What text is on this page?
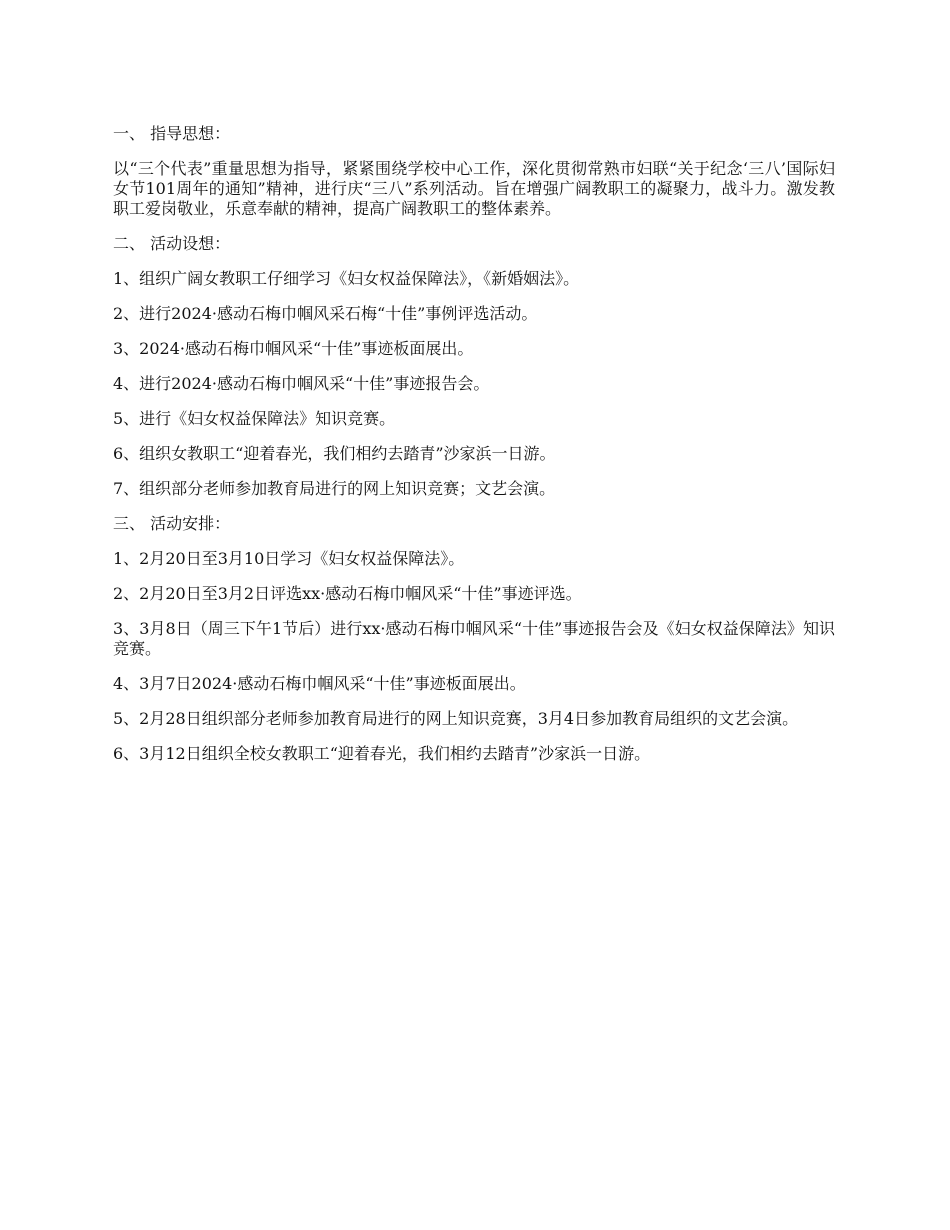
一、 指导思想：

以“三个代表”重量思想为指导，紧紧围绕学校中心工作，深化贯彻常熟市妇联“关于纪念‘三八’国际妇女节101周年的通知”精神，进行庆“三八”系列活动。旨在增强广阔教职工的凝聚力，战斗力。激发教职工爱岗敬业，乐意奉献的精神，提高广阔教职工的整体素养。

二、 活动设想：

1、组织广阔女教职工仔细学习《妇女权益保障法》，《新婚姻法》。

2、进行2024·感动石梅巾帼风采石梅“十佳”事例评选活动。

3、2024·感动石梅巾帼风采“十佳”事迹板面展出。

4、进行2024·感动石梅巾帼风采“十佳”事迹报告会。

5、进行《妇女权益保障法》知识竞赛。

6、组织女教职工“迎着春光，我们相约去踏青”沙家浜一日游。

7、组织部分老师参加教育局进行的网上知识竞赛；文艺会演。

三、 活动安排：

1、2月20日至3月10日学习《妇女权益保障法》。

2、2月20日至3月2日评选xx·感动石梅巾帼风采“十佳”事迹评选。

3、3月8日（周三下午1节后）进行xx·感动石梅巾帼风采“十佳”事迹报告会及《妇女权益保障法》知识竞赛。

4、3月7日2024·感动石梅巾帼风采“十佳”事迹板面展出。

5、2月28日组织部分老师参加教育局进行的网上知识竞赛，3月4日参加教育局组织的文艺会演。

6、3月12日组织全校女教职工“迎着春光，我们相约去踏青”沙家浜一日游。
